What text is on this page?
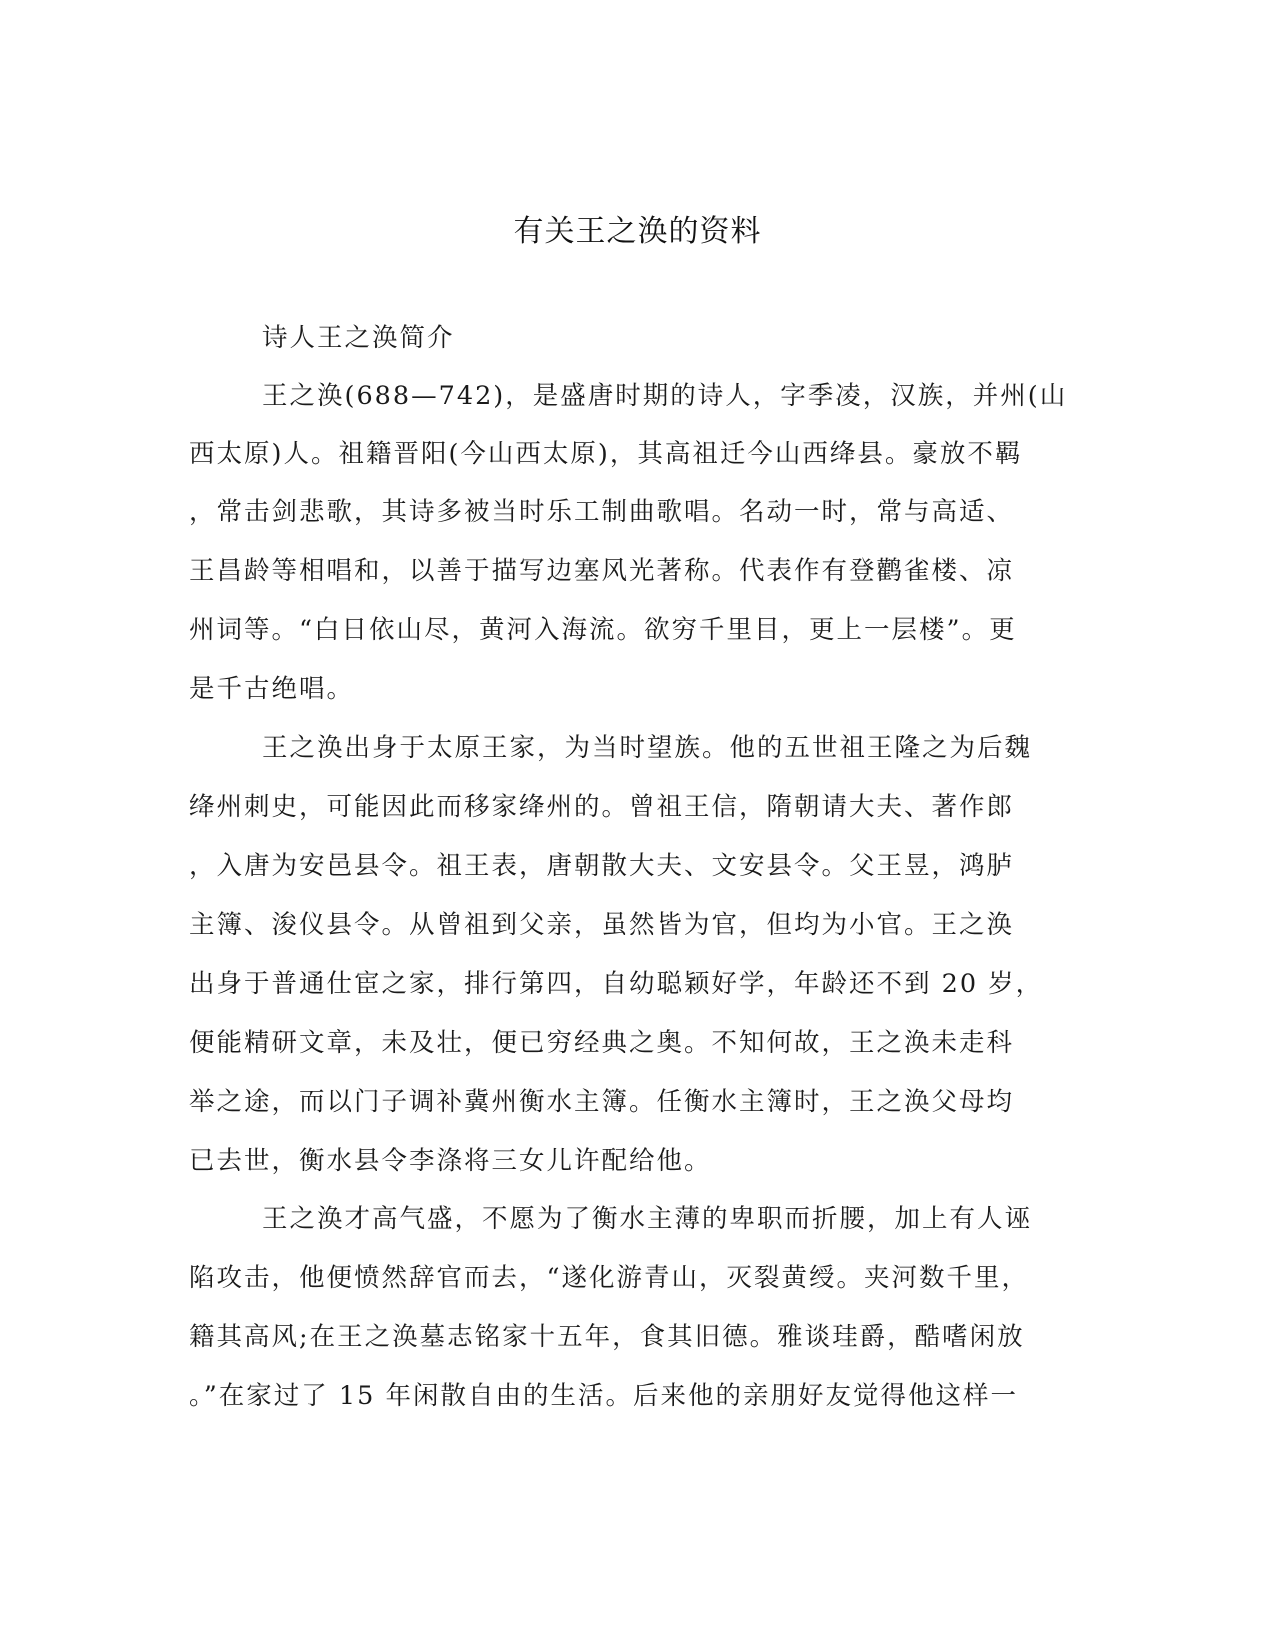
有关王之涣的资料
诗人王之涣简介
王之涣(688—742)，是盛唐时期的诗人，字季凌，汉族，并州(山
西太原)人。祖籍晋阳(今山西太原)，其高祖迁今山西绛县。豪放不羁
，常击剑悲歌，其诗多被当时乐工制曲歌唱。名动一时，常与高适、
王昌龄等相唱和，以善于描写边塞风光著称。代表作有登鹳雀楼、凉
州词等。“白日依山尽，黄河入海流。欲穷千里目，更上一层楼”。更
是千古绝唱。
王之涣出身于太原王家，为当时望族。他的五世祖王隆之为后魏
绛州刺史，可能因此而移家绛州的。曾祖王信，隋朝请大夫、著作郎
，入唐为安邑县令。祖王表，唐朝散大夫、文安县令。父王昱，鸿胪
主簿、浚仪县令。从曾祖到父亲，虽然皆为官，但均为小官。王之涣
出身于普通仕宦之家，排行第四，自幼聪颖好学，年龄还不到 20 岁，
便能精研文章，未及壮，便已穷经典之奥。不知何故，王之涣未走科
举之途，而以门子调补冀州衡水主簿。任衡水主簿时，王之涣父母均
已去世，衡水县令李涤将三女儿许配给他。
王之涣才高气盛，不愿为了衡水主薄的卑职而折腰，加上有人诬
陷攻击，他便愤然辞官而去，“遂化游青山，灭裂黄绶。夹河数千里，
籍其高风;在王之涣墓志铭家十五年，食其旧德。雅谈珪爵，酷嗜闲放
。”在家过了 15 年闲散自由的生活。后来他的亲朋好友觉得他这样一
